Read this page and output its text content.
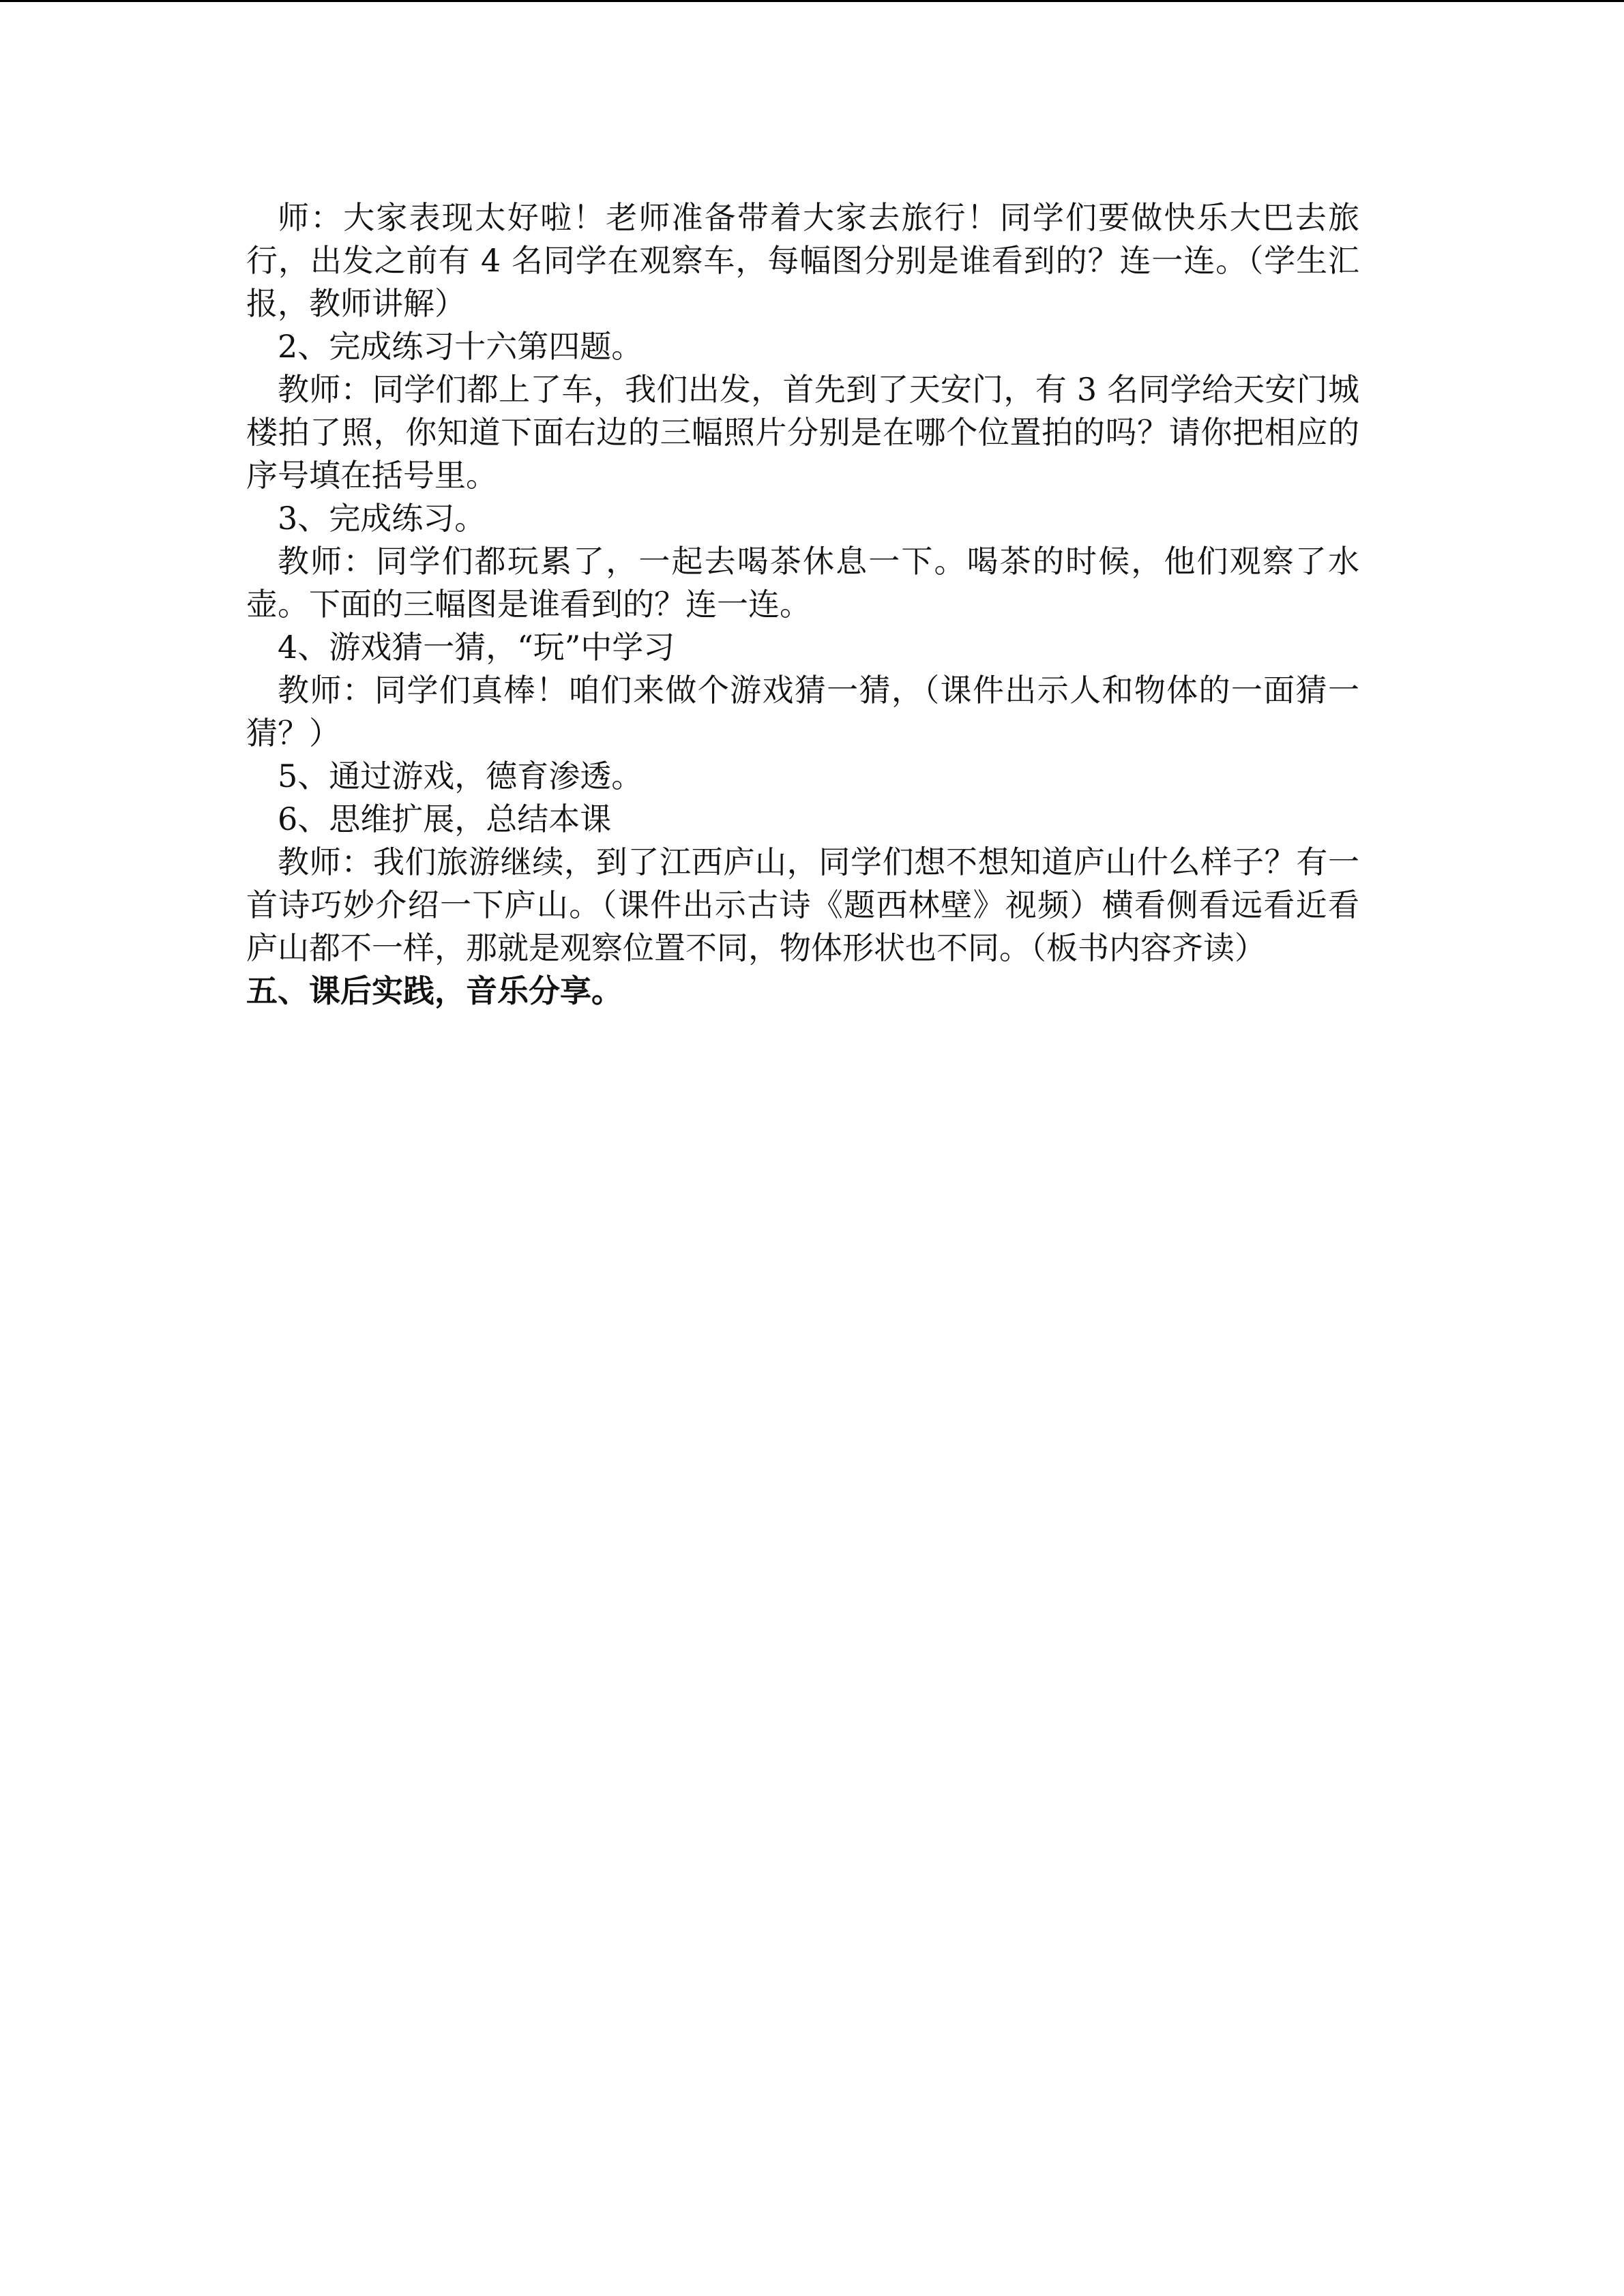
师：大家表现太好啦！老师准备带着大家去旅行！同学们要做快乐大巴去旅行，出发之前有 4 名同学在观察车，每幅图分别是谁看到的？连一连。（学生汇报，教师讲解）

2、完成练习十六第四题。

教师：同学们都上了车，我们出发，首先到了天安门，有 3 名同学给天安门城楼拍了照，你知道下面右边的三幅照片分别是在哪个位置拍的吗？请你把相应的序号填在括号里。

3、完成练习。

教师：同学们都玩累了，一起去喝茶休息一下。喝茶的时候，他们观察了水壶。下面的三幅图是谁看到的？连一连。

4、游戏猜一猜，“玩”中学习

教师：同学们真棒！咱们来做个游戏猜一猜，（课件出示人和物体的一面猜一猜？）

5、通过游戏，德育渗透。

6、思维扩展，总结本课

教师：我们旅游继续，到了江西庐山，同学们想不想知道庐山什么样子？有一首诗巧妙介绍一下庐山。（课件出示古诗《题西林壁》视频）横看侧看远看近看庐山都不一样，那就是观察位置不同，物体形状也不同。（板书内容齐读）

五、课后实践，音乐分享。
